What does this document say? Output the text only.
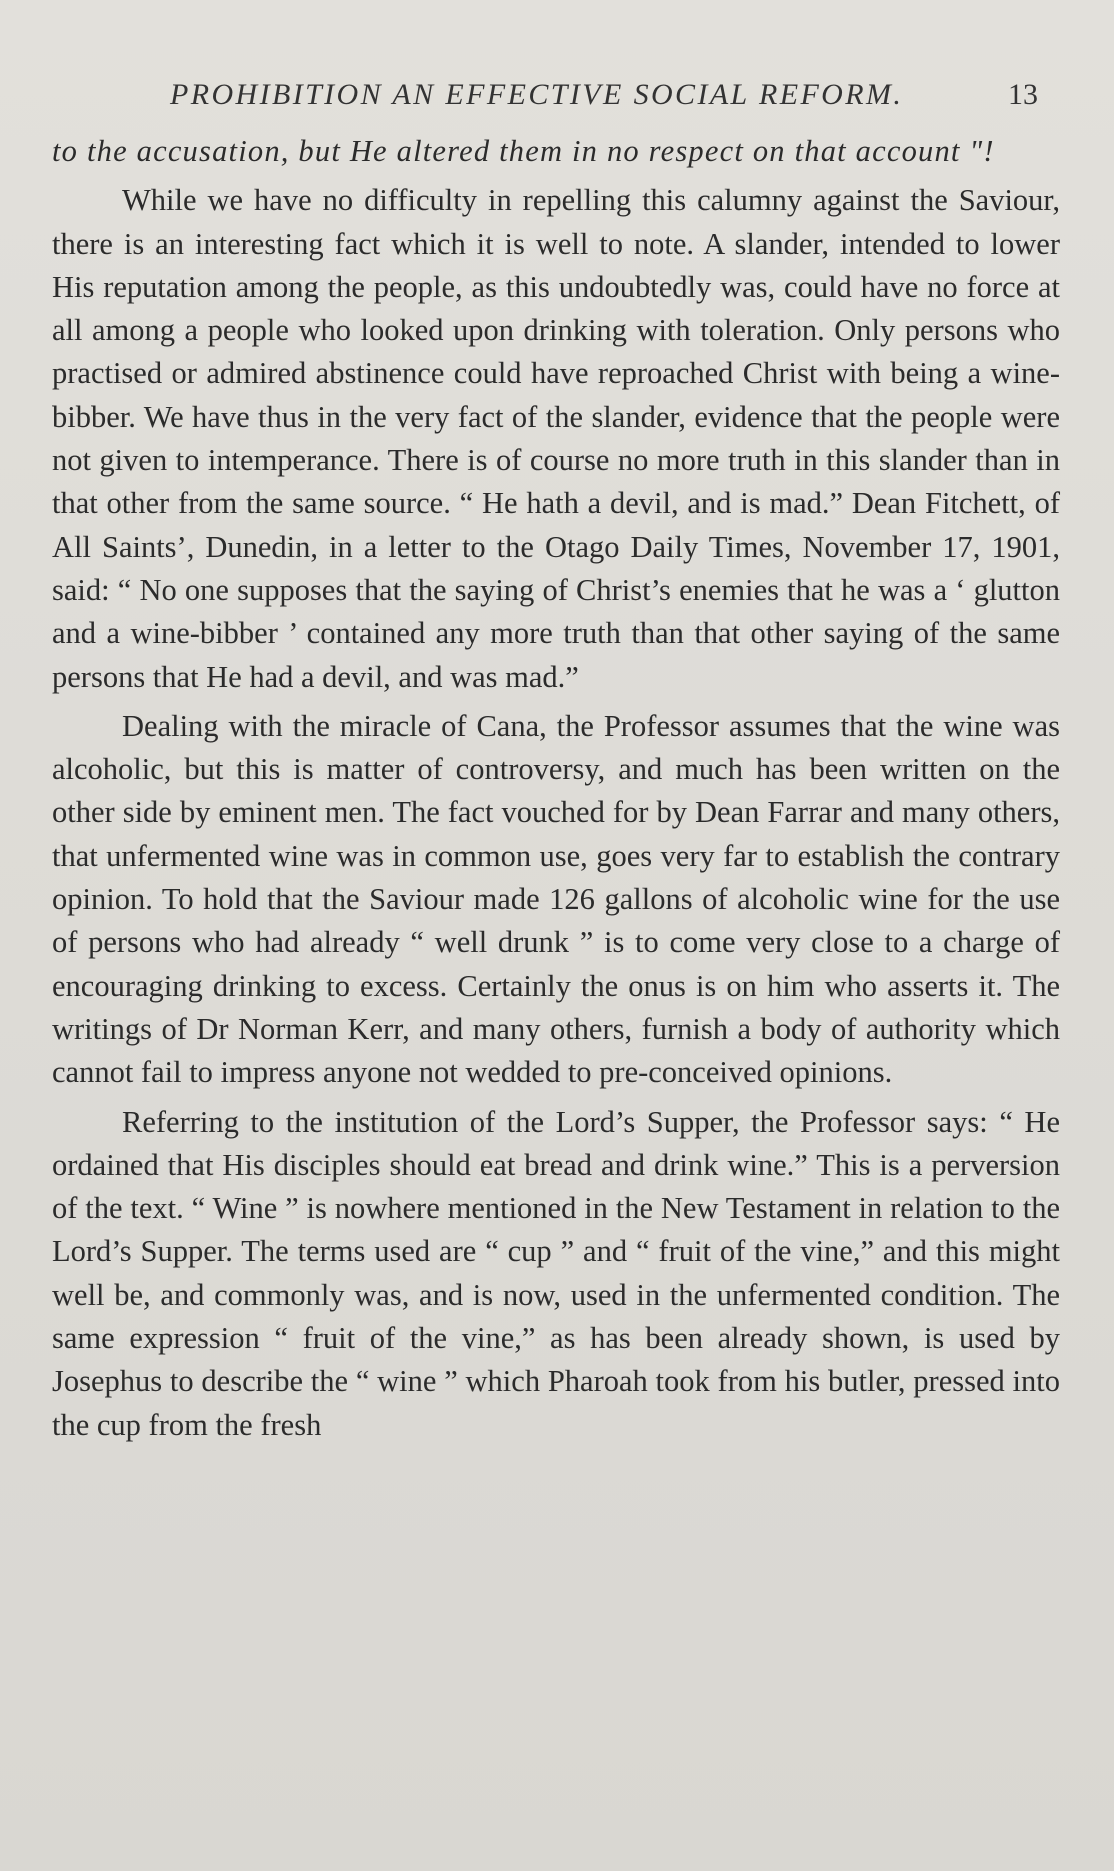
PROHIBITION AN EFFECTIVE SOCIAL REFORM.	13

to the accusation, but He altered them in no respect on that account "!

While we have no difficulty in repelling this calumny against the Saviour, there is an interesting fact which it is well to note. A slander, intended to lower His reputation among the people, as this undoubtedly was, could have no force at all among a people who looked upon drinking with toleration. Only persons who practised or admired abstinence could have reproached Christ with being a wine-bibber. We have thus in the very fact of the slander, evidence that the people were not given to intemperance. There is of course no more truth in this slander than in that other from the same source. “ He hath a devil, and is mad.” Dean Fitchett, of All Saints’, Dunedin, in a letter to the Otago Daily Times, November 17, 1901, said: “ No one supposes that the saying of Christ’s enemies that he was a ‘ glutton and a wine-bibber ’ contained any more truth than that other saying of the same persons that He had a devil, and was mad.”

Dealing with the miracle of Cana, the Professor assumes that the wine was alcoholic, but this is matter of controversy, and much has been written on the other side by eminent men. The fact vouched for by Dean Farrar and many others, that unfermented wine was in common use, goes very far to establish the contrary opinion. To hold that the Saviour made 126 gallons of alcoholic wine for the use of persons who had already “ well drunk ” is to come very close to a charge of encouraging drinking to excess. Certainly the onus is on him who asserts it. The writings of Dr Norman Kerr, and many others, furnish a body of authority which cannot fail to impress anyone not wedded to pre-conceived opinions.

Referring to the institution of the Lord’s Supper, the Professor says: “ He ordained that His disciples should eat bread and drink wine.” This is a perversion of the text. “ Wine ” is nowhere mentioned in the New Testament in relation to the Lord’s Supper. The terms used are “ cup ” and “ fruit of the vine,” and this might well be, and commonly was, and is now, used in the unfermented condition. The same expression “ fruit of the vine,” as has been already shown, is used by Josephus to describe the “ wine ” which Pharoah took from his butler, pressed into the cup from the fresh
